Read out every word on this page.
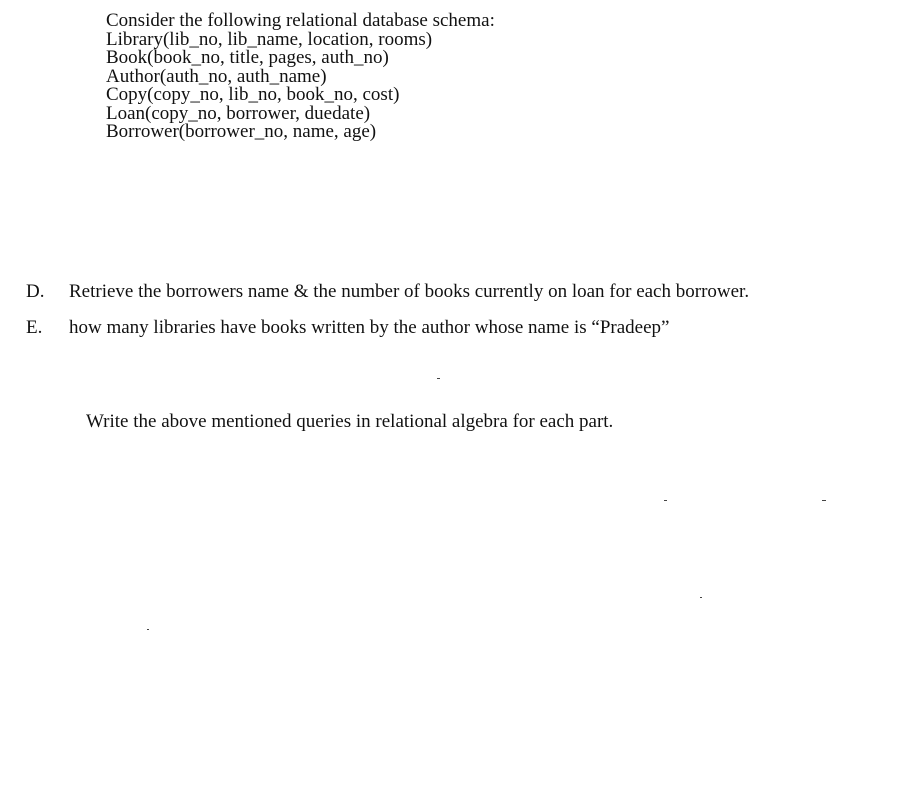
Consider the following relational database schema:
Library(lib_no, lib_name, location, rooms)
Book(book_no, title, pages, auth_no)
Author(auth_no, auth_name)
Copy(copy_no, lib_no, book_no, cost)
Loan(copy_no, borrower, duedate)
Borrower(borrower_no, name, age)
D. Retrieve the borrowers name & the number of books currently on loan for each borrower.
E. how many libraries have books written by the author whose name is “Pradeep”
Write the above mentioned queries in relational algebra for each part.
